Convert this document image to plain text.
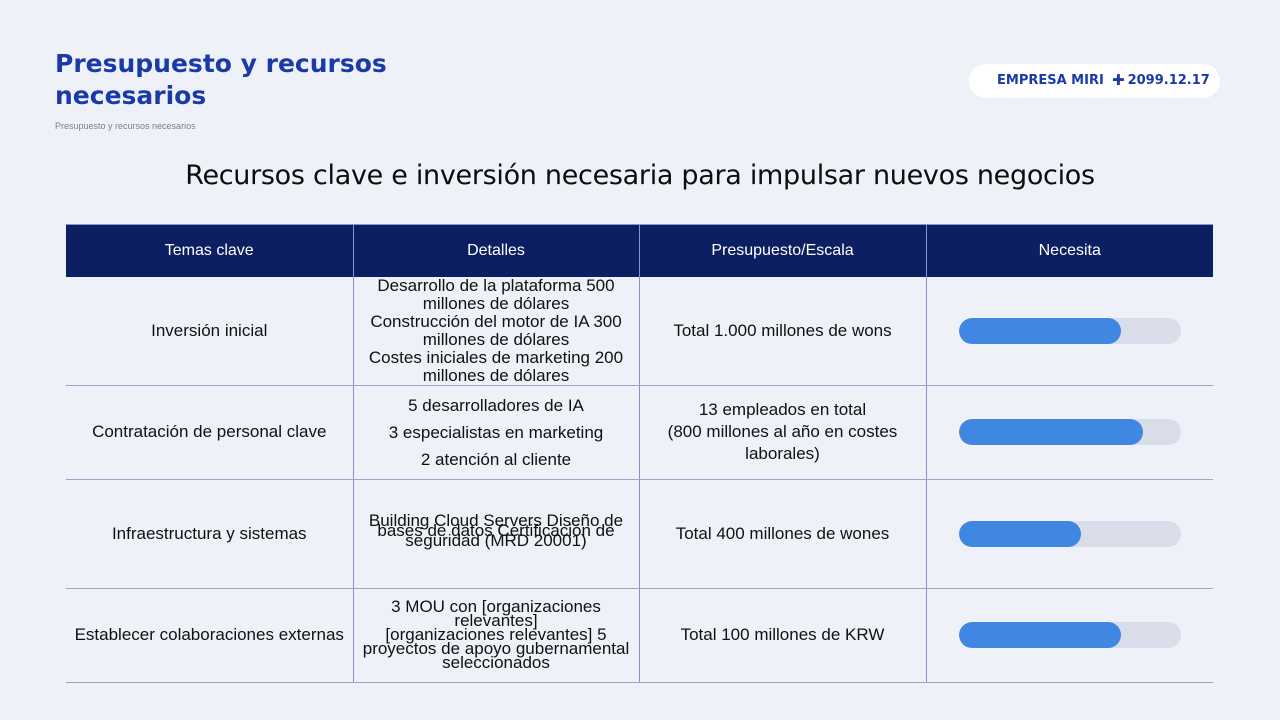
Presupuesto y recursos
necesarios
Presupuesto y recursos necesarios
EMPRESA MIRI ✚ 2099.12.17
Recursos clave e inversión necesaria para impulsar nuevos negocios
Temas clave	Detalles	Presupuesto/Escala	Necesita
Inversión inicial	Desarrollo de la plataforma 500 millones de dólares
Construcción del motor de IA 300 millones de dólares
Costes iniciales de marketing 200 millones de dólares	Total 1.000 millones de wons	

Contratación de personal clave	5 desarrolladores de IA
3 especialistas en marketing
2 atención al cliente	13 empleados en total
(800 millones al año en costes laborales)	

Infraestructura y sistemas	Building Cloud Servers Diseño de bases de datos Certificación de seguridad (MRD 20001)	Total 400 millones de wones	

Establecer colaboraciones externas	3 MOU con [organizaciones relevantes]
[organizaciones relevantes] 5 proyectos de apoyo gubernamental
seleccionados	Total 100 millones de KRW	
